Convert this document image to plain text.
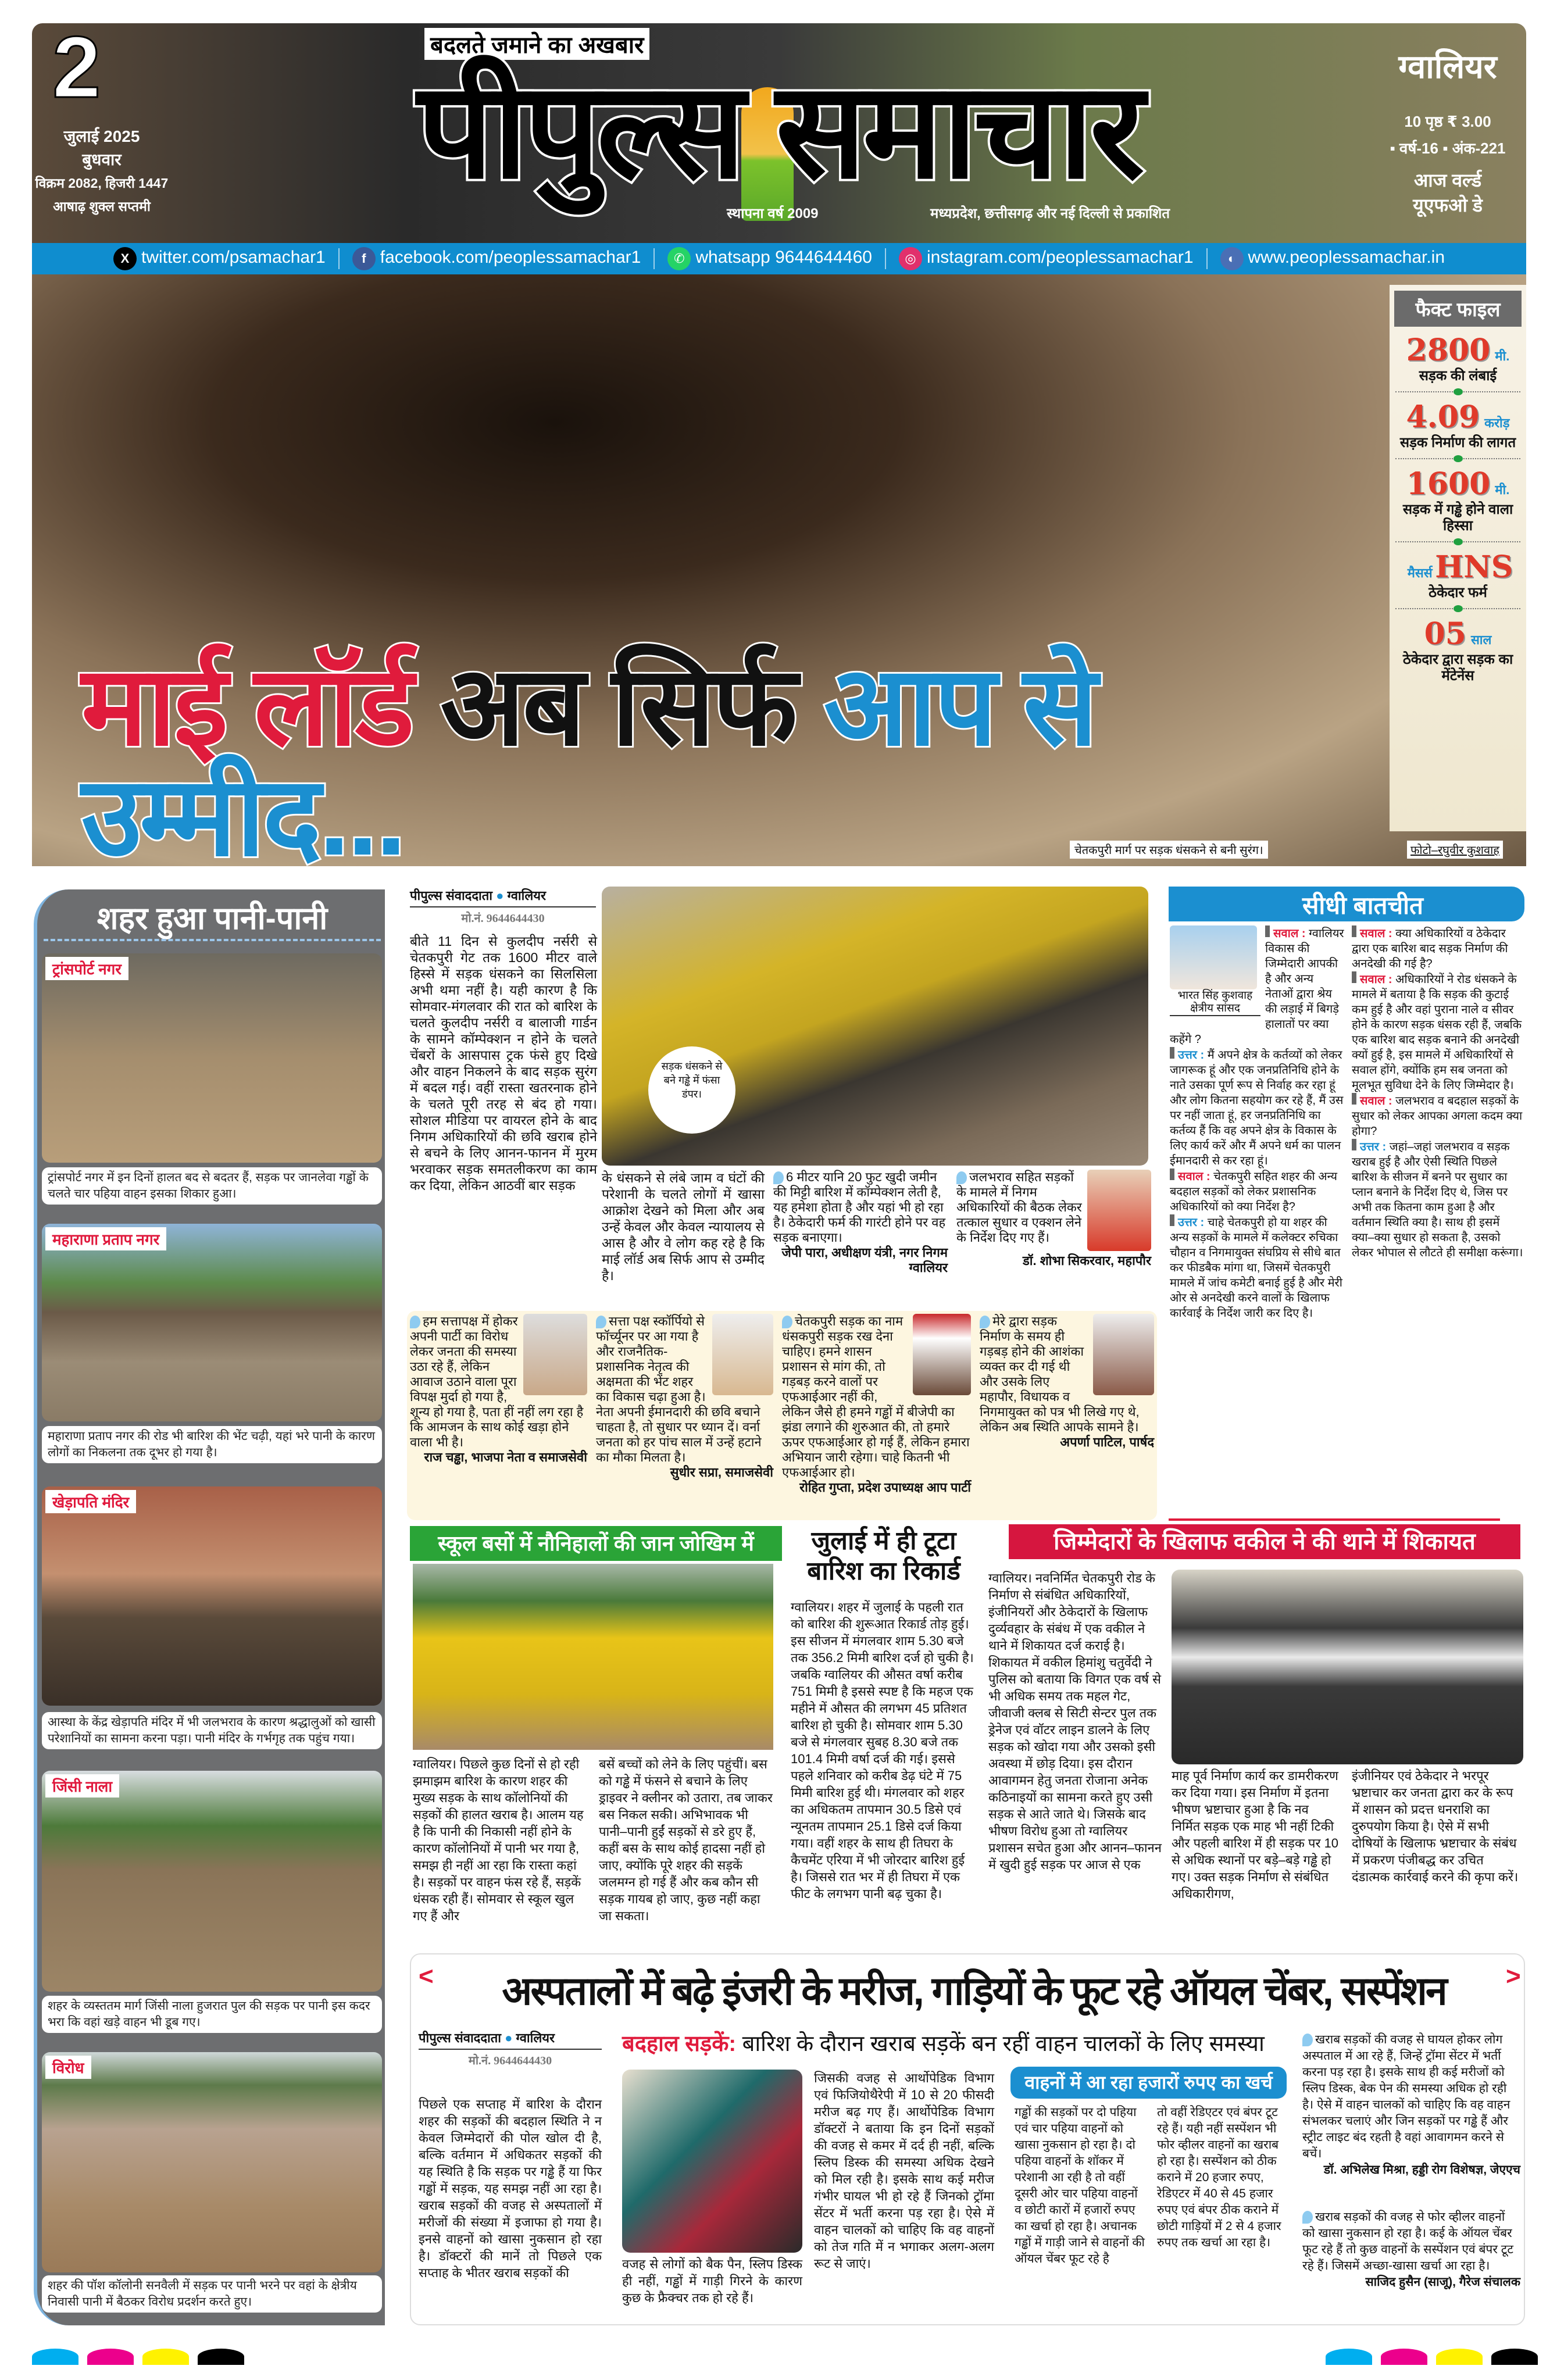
2
जुलाई 2025
बुधवार
विक्रम 2082, हिजरी 1447
आषाढ़ शुक्ल सप्तमी
बदलते जमाने का अखबार
पीपुल्स समाचार
स्थापना वर्ष 2009	मध्यप्रदेश, छत्तीसगढ़ और नई दिल्ली से प्रकाशित
ग्वालियर
10 पृष्ठ ₹ 3.00
▪ वर्ष-16 ▪ अंक-221
आज वर्ल्ड
यूएफओ डे
X twitter.com/psamachar1	f facebook.com/peoplessamachar1	✆ whatsapp 9644644460	◎ instagram.com/peoplessamachar1	◐ www.peoplessamachar.in
फैक्ट फाइल
2800 मी.
सड़क की लंबाई
4.09 करोड़
सड़क निर्माण की लागत
1600 मी.
सड़क में गड्ढे होने वाला हिस्सा
मैसर्स HNS
ठेकेदार फर्म
05 साल
ठेकेदार द्वारा सड़क का मेंटेनेंस
माई लॉर्ड अब सिर्फ आप से उम्मीद...	चेतकपुरी मार्ग पर सड़क धंसकने से बनी सुरंग।	फोटो–रघुवीर कुशवाह
शहर हुआ पानी-पानी
ट्रांसपोर्ट नगर
ट्रांसपोर्ट नगर में इन दिनों हालत बद से बदतर हैं, सड़क पर जानलेवा गड्ढों के चलते चार पहिया वाहन इसका शिकार हुआ।
महाराणा प्रताप नगर
महाराणा प्रताप नगर की रोड भी बारिश की भेंट चढ़ी, यहां भरे पानी के कारण लोगों का निकलना तक दूभर हो गया है।
खेड़ापति मंदिर
आस्था के केंद्र खेड़ापति मंदिर में भी जलभराव के कारण श्रद्धालुओं को खासी परेशानियों का सामना करना पड़ा। पानी मंदिर के गर्भगृह तक पहुंच गया।
जिंसी नाला
शहर के व्यस्ततम मार्ग जिंसी नाला हुजरात पुल की सड़क पर पानी इस कदर भरा कि वहां खड़े वाहन भी डूब गए।
विरोध
शहर की पॉश कॉलोनी सनवैली में सड़क पर पानी भरने पर वहां के क्षेत्रीय निवासी पानी में बैठकर विरोध प्रदर्शन करते हुए।
पीपुल्स संवाददाता ● ग्वालियर
मो.नं. 9644644430
बीते 11 दिन से कुलदीप नर्सरी से चेतकपुरी गेट तक 1600 मीटर वाले हिस्से में सड़क धंसकने का सिलसिला अभी थमा नहीं है। यही कारण है कि सोमवार-मंगलवार की रात को बारिश के चलते कुलदीप नर्सरी व बालाजी गार्डन के सामने कॉम्पेक्शन न होने के चलते चेंबरों के आसपास ट्रक फंसे हुए दिखे और वाहन निकलने के बाद सड़क सुरंग में बदल गई। वहीं रास्ता खतरनाक होने के चलते पूरी तरह से बंद हो गया। सोशल मीडिया पर वायरल होने के बाद निगम अधिकारियों की छवि खराब होने से बचने के लिए आनन-फानन में मुरम भरवाकर सड़क समतलीकरण का काम कर दिया, लेकिन आठवीं बार सड़क
सड़क धंसकने से बने गड्ढे में फंसा डंपर।
के धंसकने से लंबे जाम व घंटों की परेशानी के चलते लोगों में खासा आक्रोश देखने को मिला और अब उन्हें केवल और केवल न्यायालय से आस है और वे लोग कह रहे है कि माई लॉर्ड अब सिर्फ आप से उम्मीद है।
6 मीटर यानि 20 फुट खुदी जमीन की मिट्टी बारिश में कॉम्पेक्शन लेती है, यह हमेशा होता है और यहां भी हो रहा है। ठेकेदारी फर्म की गारंटी होने पर वह सड़क बनाएगा।
जेपी पारा, अधीक्षण यंत्री, नगर निगम ग्वालियर
जलभराव सहित सड़कों के मामले में निगम अधिकारियों की बैठक लेकर तत्काल सुधार व एक्शन लेने के निर्देश दिए गए हैं।
डॉ. शोभा सिकरवार, महापौर
हम सत्तापक्ष में होकर अपनी पार्टी का विरोध लेकर जनता की समस्या उठा रहे हैं, लेकिन आवाज उठाने वाला पूरा विपक्ष मुर्दा हो गया है, शून्य हो गया है, पता हीं नहीं लग रहा है कि आमजन के साथ कोई खड़ा होने वाला भी है।
राज चड्ढा, भाजपा नेता व समाजसेवी
सत्ता पक्ष स्कॉर्पियो से फॉर्च्यूनर पर आ गया है और राजनैतिक-प्रशासनिक नेतृत्व की अक्षमता की भेंट शहर का विकास चढ़ा हुआ है। नेता अपनी ईमानदारी की छवि बचाने चाहता है, तो सुधार पर ध्यान दें। वर्ना जनता को हर पांच साल में उन्हें हटाने का मौका मिलता है।
सुधीर सप्रा, समाजसेवी
चेतकपुरी सड़क का नाम धंसकपुरी सड़क रख देना चाहिए। हमने शासन प्रशासन से मांग की, तो गड़बड़ करने वालों पर एफआईआर नहीं की, लेकिन जैसे ही हमने गड्ढों में बीजेपी का झंडा लगाने की शुरुआत की, तो हमारे ऊपर एफआईआर हो गई हैं, लेकिन हमारा अभियान जारी रहेगा। चाहे कितनी भी एफआईआर हो।
रोहित गुप्ता, प्रदेश उपाध्यक्ष आप पार्टी
मेरे द्वारा सड़क निर्माण के समय ही गड़बड़ होने की आशंका व्यक्त कर दी गई थी और उसके लिए महापौर, विधायक व निगमायुक्त को पत्र भी लिखे गए थे, लेकिन अब स्थिति आपके सामने है।
अपर्णा पाटिल, पार्षद
सीधी बातचीत
भारत सिंह कुशवाह
क्षेत्रीय सांसद
सवाल : ग्वालियर विकास की जिम्मेदारी आपकी है और अन्य नेताओं द्वारा श्रेय की लड़ाई में बिगड़े हालातों पर क्या कहेंगे ?
उत्तर : मैं अपने क्षेत्र के कर्तव्यों को लेकर जागरूक हूं और एक जनप्रतिनिधि होने के नाते उसका पूर्ण रूप से निर्वाह कर रहा हूं और लोग कितना सहयोग कर रहे हैं, मैं उस पर नहीं जाता हूं, हर जनप्रतिनिधि का कर्तव्य हैं कि वह अपने क्षेत्र के विकास के लिए कार्य करें और मैं अपने धर्म का पालन ईमानदारी से कर रहा हूं।
सवाल : चेतकपुरी सहित शहर की अन्य बदहाल सड़कों को लेकर प्रशासनिक अधिकारियों को क्या निर्देश है?
उत्तर : चाहे चेतकपुरी हो या शहर की अन्य सड़कों के मामले में कलेक्टर रुचिका चौहान व निगमायुक्त संघप्रिय से सीधे बात कर फीडबैक मांगा था, जिसमें चेतकपुरी मामले में जांच कमेटी बनाई हुई है और मेरी ओर से अनदेखी करने वालों के खिलाफ कार्रवाई के निर्देश जारी कर दिए है।
सवाल : क्या अधिकारियों व ठेकेदार द्वारा एक बारिश बाद सड़क निर्माण की अनदेखी की गई है?
सवाल : अधिकारियों ने रोड धंसकने के मामले में बताया है कि सड़क की कुटाई कम हुई है और वहां पुराना नाले व सीवर होने के कारण सड़क धंसक रही हैं, जबकि एक बारिश बाद सड़क बनाने की अनदेखी क्यों हुई है, इस मामले में अधिकारियों से सवाल होंगे, क्योंकि हम सब जनता को मूलभूत सुविधा देने के लिए जिम्मेदार है।
सवाल : जलभराव व बदहाल सड़कों के सुधार को लेकर आपका अगला कदम क्या होगा?
उत्तर : जहां–जहां जलभराव व सड़क खराब हुई है और ऐसी स्थिति पिछले बारिश के सीजन में बनने पर सुधार का प्लान बनाने के निर्देश दिए थे, जिस पर अभी तक कितना काम हुआ है और वर्तमान स्थिति क्या है। साथ ही इसमें क्या–क्या सुधार हो सकता है, उसको लेकर भोपाल से लौटते ही समीक्षा करूंगा।
स्कूल बसों में नौनिहालों की जान जोखिम में
ग्वालियर। पिछले कुछ दिनों से हो रही झमाझम बारिश के कारण शहर की मुख्य सड़क के साथ कॉलोनियों की सड़कों की हालत खराब है। आलम यह है कि पानी की निकासी नहीं होने के कारण कॉलोनियों में पानी भर गया है, समझ ही नहीं आ रहा कि रास्ता कहां है। सड़कों पर वाहन फंस रहे हैं, सड़कें धंसक रही हैं। सोमवार से स्कूल खुल गए हैं और
बसें बच्चों को लेने के लिए पहुंचीं। बस को गड्ढे में फंसने से बचाने के लिए ड्राइवर ने क्लीनर को उतारा, तब जाकर बस निकल सकी। अभिभावक भी पानी–पानी हुईं सड़कों से डरे हुए हैं, कहीं बस के साथ कोई हादसा नहीं हो जाए, क्योंकि पूरे शहर की सड़कें जलमग्न हो गई हैं और कब कौन सी सड़क गायब हो जाए, कुछ नहीं कहा जा सकता।
जुलाई में ही टूटा बारिश का रिकार्ड
ग्वालियर। शहर में जुलाई के पहली रात को बारिश की शुरूआत रिकार्ड तोड़ हुई। इस सीजन में मंगलवार शाम 5.30 बजे तक 356.2 मिमी बारिश दर्ज हो चुकी है। जबकि ग्वालियर की औसत वर्षा करीब 751 मिमी है इससे स्पष्ट है कि महज एक महीने में औसत की लगभग 45 प्रतिशत बारिश हो चुकी है। सोमवार शाम 5.30 बजे से मंगलवार सुबह 8.30 बजे तक 101.4 मिमी वर्षा दर्ज की गई। इससे पहले शनिवार को करीब डेढ़ घंटे में 75 मिमी बारिश हुई थी। मंगलवार को शहर का अधिकतम तापमान 30.5 डिसे एवं न्यूनतम तापमान 25.1 डिसे दर्ज किया गया। वहीं शहर के साथ ही तिघरा के कैचमेंट एरिया में भी जोरदार बारिश हुई है। जिससे रात भर में ही तिघरा में एक फीट के लगभग पानी बढ़ चुका है।
जिम्मेदारों के खिलाफ वकील ने की थाने में शिकायत
ग्वालियर। नवनिर्मित चेतकपुरी रोड के निर्माण से संबंधित अधिकारियों, इंजीनियरों और ठेकेदारों के खिलाफ दुर्व्यवहार के संबंध में एक वकील ने थाने में शिकायत दर्ज कराई है। शिकायत में वकील हिमांशु चतुर्वेदी ने पुलिस को बताया कि विगत एक वर्ष से भी अधिक समय तक महल गेट, जीवाजी क्लब से सिटी सेन्टर पुल तक ड्रेनेज एवं वॉटर लाइन डालने के लिए सड़क को खोदा गया और उसको इसी अवस्था में छोड़ दिया। इस दौरान आवागमन हेतु जनता रोजाना अनेक कठिनाइयों का सामना करते हुए उसी सड़क से आते जाते थे। जिसके बाद भीषण विरोध हुआ तो ग्वालियर प्रशासन सचेत हुआ और आनन–फानन में खुदी हुई सड़क पर आज से एक
माह पूर्व निर्माण कार्य कर डामरीकरण कर दिया गया। इस निर्माण में इतना भीषण भ्रष्टाचार हुआ है कि नव निर्मित सड़क एक माह भी नहीं टिकी और पहली बारिश में ही सड़क पर 10 से अधिक स्थानों पर बड़े–बड़े गड्ढे हो गए। उक्त सड़क निर्माण से संबंधित अधिकारीगण,
इंजीनियर एवं ठेकेदार ने भरपूर भ्रष्टाचार कर जनता द्वारा कर के रूप में शासन को प्रदत्त धनराशि का दुरुपयोग किया है। ऐसे में सभी दोषियों के खिलाफ भ्रष्टाचार के संबंध में प्रकरण पंजीबद्ध कर उचित दंडात्मक कार्रवाई करने की कृपा करें।
<	>
अस्पतालों में बढ़े इंजरी के मरीज, गाड़ियों के फूट रहे ऑयल चेंबर, सस्पेंशन
पीपुल्स संवाददाता ● ग्वालियर
मो.नं. 9644644430
बदहाल सड़कें: बारिश के दौरान खराब सड़कें बन रहीं वाहन चालकों के लिए समस्या
पिछले एक सप्ताह में बारिश के दौरान शहर की सड़कों की बदहाल स्थिति ने न केवल जिम्मेदारों की पोल खोल दी है, बल्कि वर्तमान में अधिकतर सड़कों की यह स्थिति है कि सड़क पर गड्ढे हैं या फिर गड्ढों में सड़क, यह समझ नहीं आ रहा है। खराब सड़कों की वजह से अस्पतालों में मरीजों की संख्या में इजाफा हो गया है। इनसे वाहनों को खासा नुकसान हो रहा है। डॉक्टरों की मानें तो पिछले एक सप्ताह के भीतर खराब सड़कों की
वजह से लोगों को बैक पैन, स्लिप डिस्क ही नहीं, गड्ढों में गाड़ी गिरने के कारण कुछ के फ्रैक्चर तक हो रहे हैं।
जिसकी वजह से आर्थोपेडिक विभाग एवं फिजियोथैरेपी में 10 से 20 फीसदी मरीज बढ़ गए हैं। आर्थोपेडिक विभाग डॉक्टरों ने बताया कि इन दिनों सड़कों की वजह से कमर में दर्द ही नहीं, बल्कि स्लिप डिस्क की समस्या अधिक देखने को मिल रही है। इसके साथ कई मरीज गंभीर घायल भी हो रहे हैं जिनको ट्रॉमा सेंटर में भर्ती करना पड़ रहा है। ऐसे में वाहन चालकों को चाहिए कि वह वाहनों को तेज गति में न भगाकर अलग-अलग रूट से जाएं।
वाहनों में आ रहा हजारों रुपए का खर्च
गड्ढों की सड़कों पर दो पहिया एवं चार पहिया वाहनों को खासा नुकसान हो रहा है। दो पहिया वाहनों के शॉकर में परेशानी आ रही है तो वहीं दूसरी ओर चार पहिया वाहनों व छोटी कारों में हजारों रुपए का खर्चा हो रहा है। अचानक गड्ढों में गाड़ी जाने से वाहनों की ऑयल चेंबर फूट रहे है
तो वहीं रेडिएटर एवं बंपर टूट रहे हैं। यही नहीं सस्पेंशन भी फोर व्हीलर वाहनों का खराब हो रहा है। सस्पेंशन को ठीक कराने में 20 हजार रुपए, रेडिएटर में 40 से 45 हजार रुपए एवं बंपर ठीक कराने में छोटी गाड़ियों में 2 से 4 हजार रुपए तक खर्चा आ रहा है।
खराब सड़कों की वजह से घायल होकर लोग अस्पताल में आ रहे हैं, जिन्हें ट्रॉमा सेंटर में भर्ती करना पड़ रहा है। इसके साथ ही कई मरीजों को स्लिप डिस्क, बेक पेन की समस्या अधिक हो रही है। ऐसे में वाहन चालकों को चाहिए कि वह वाहन संभलकर चलाएं और जिन सड़कों पर गड्ढे हैं और स्ट्रीट लाइट बंद रहती है वहां आवागमन करने से बचें।
डॉ. अभिलेख मिश्रा, हड्डी रोग विशेषज्ञ, जेएएच
खराब सड़कों की वजह से फोर व्हीलर वाहनों को खासा नुकसान हो रहा है। कई के ऑयल चेंबर फूट रहे हैं तो कुछ वाहनों के सस्पेंशन एवं बंपर टूट रहे हैं। जिसमें अच्छा-खासा खर्चा आ रहा है।
साजिद हुसैन (साजू), गैरेज संचालक
